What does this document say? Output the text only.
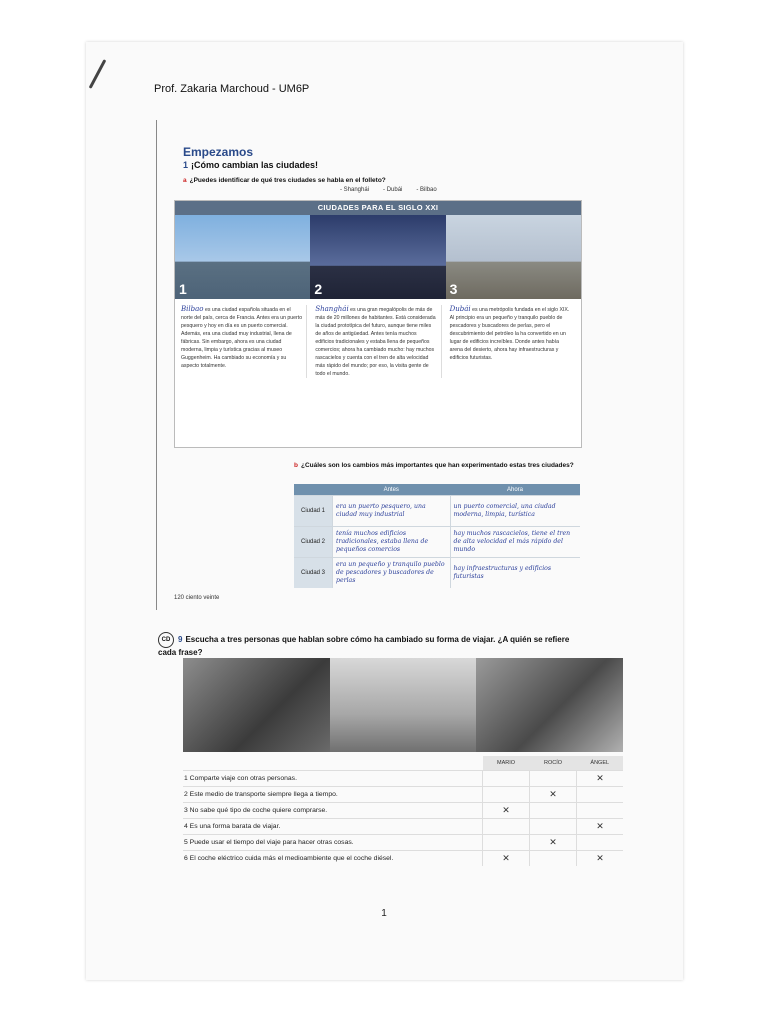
Prof. Zakaria Marchoud - UM6P
Empezamos
1 ¡Cómo cambian las ciudades!
a ¿Puedes identificar de qué tres ciudades se habla en el folleto?
- Shanghái - Dubái - Bilbao
CIUDADES PARA EL SIGLO XXI
1	2	3
Bilbao es una ciudad española situada en el norte del país, cerca de Francia. Antes era un puerto pesquero y hoy en día es un puerto comercial. Además, era una ciudad muy industrial, llena de fábricas. Sin embargo, ahora es una ciudad moderna, limpia y turística gracias al museo Guggenheim. Ha cambiado su economía y su aspecto totalmente.
Shanghái es una gran megalópolis de más de más de 20 millones de habitantes. Está considerada la ciudad prototípica del futuro, aunque tiene miles de años de antigüedad. Antes tenía muchos edificios tradicionales y estaba llena de pequeños comercios; ahora ha cambiado mucho: hay muchos rascacielos y cuenta con el tren de alta velocidad más rápido del mundo; por eso, la visita gente de todo el mundo.
Dubái es una metrópolis fundada en el siglo XIX. Al principio era un pequeño y tranquilo pueblo de pescadores y buscadores de perlas, pero el descubrimiento del petróleo la ha convertido en un lugar de edificios increíbles. Donde antes había arena del desierto, ahora hay infraestructuras y edificios futuristas.
b ¿Cuáles son los cambios más importantes que han experimentado estas tres ciudades?
	Antes	Ahora
Ciudad 1	era un puerto pesquero, una ciudad muy industrial	un puerto comercial, una ciudad moderna, limpia, turística
Ciudad 2	tenía muchos edificios tradicionales, estaba llena de pequeños comercios	hay muchos rascacielos, tiene el tren de alta velocidad el más rápido del mundo
Ciudad 3	era un pequeño y tranquilo pueblo de pescadores y buscadores de perlas	hay infraestructuras y edificios futuristas
120 ciento veinte
CD 9 Escucha a tres personas que hablan sobre cómo ha cambiado su forma de viajar. ¿A quién se refiere cada frase?
	MARIO	ROCÍO	ÁNGEL
1 Comparte viaje con otras personas.			✕
2 Este medio de transporte siempre llega a tiempo.		✕	
3 No sabe qué tipo de coche quiere comprarse.	✕		
4 Es una forma barata de viajar.			✕
5 Puede usar el tiempo del viaje para hacer otras cosas.		✕	
6 El coche eléctrico cuida más el medioambiente que el coche diésel.	✕		✕
1
